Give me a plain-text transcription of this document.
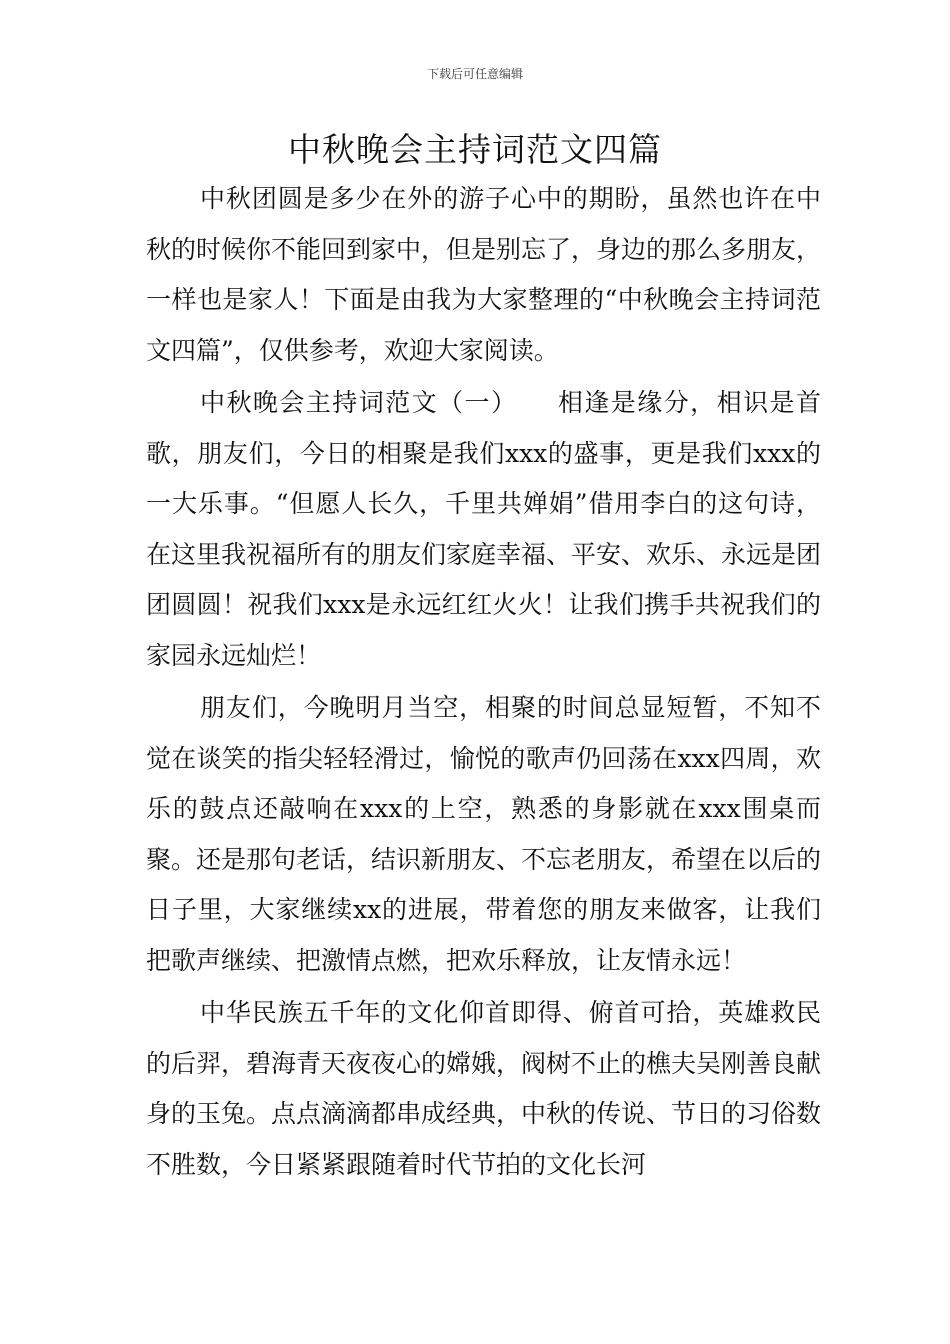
下载后可任意编辑
中秋晚会主持词范文四篇

中秋团圆是多少在外的游子心中的期盼，虽然也许在中秋的时候你不能回到家中，但是别忘了，身边的那么多朋友，一样也是家人！下面是由我为大家整理的“中秋晚会主持词范文四篇”，仅供参考，欢迎大家阅读。

中秋晚会主持词范文（一）　　相逢是缘分，相识是首歌，朋友们，今日的相聚是我们xxx的盛事，更是我们xxx的一大乐事。“但愿人长久，千里共婵娟”借用李白的这句诗，在这里我祝福所有的朋友们家庭幸福、平安、欢乐、永远是团团圆圆！祝我们xxx是永远红红火火！让我们携手共祝我们的家园永远灿烂！

朋友们，今晚明月当空，相聚的时间总显短暂，不知不觉在谈笑的指尖轻轻滑过，愉悦的歌声仍回荡在xxx四周，欢乐的鼓点还敲响在xxx的上空，熟悉的身影就在xxx围桌而聚。还是那句老话，结识新朋友、不忘老朋友，希望在以后的日子里，大家继续xx的进展，带着您的朋友来做客，让我们把歌声继续、把激情点燃，把欢乐释放，让友情永远！

中华民族五千年的文化仰首即得、俯首可拾，英雄救民的后羿，碧海青天夜夜心的嫦娥，阀树不止的樵夫吴刚善良献身的玉兔。点点滴滴都串成经典，中秋的传说、节日的习俗数不胜数，今日紧紧跟随着时代节拍的文化长河
